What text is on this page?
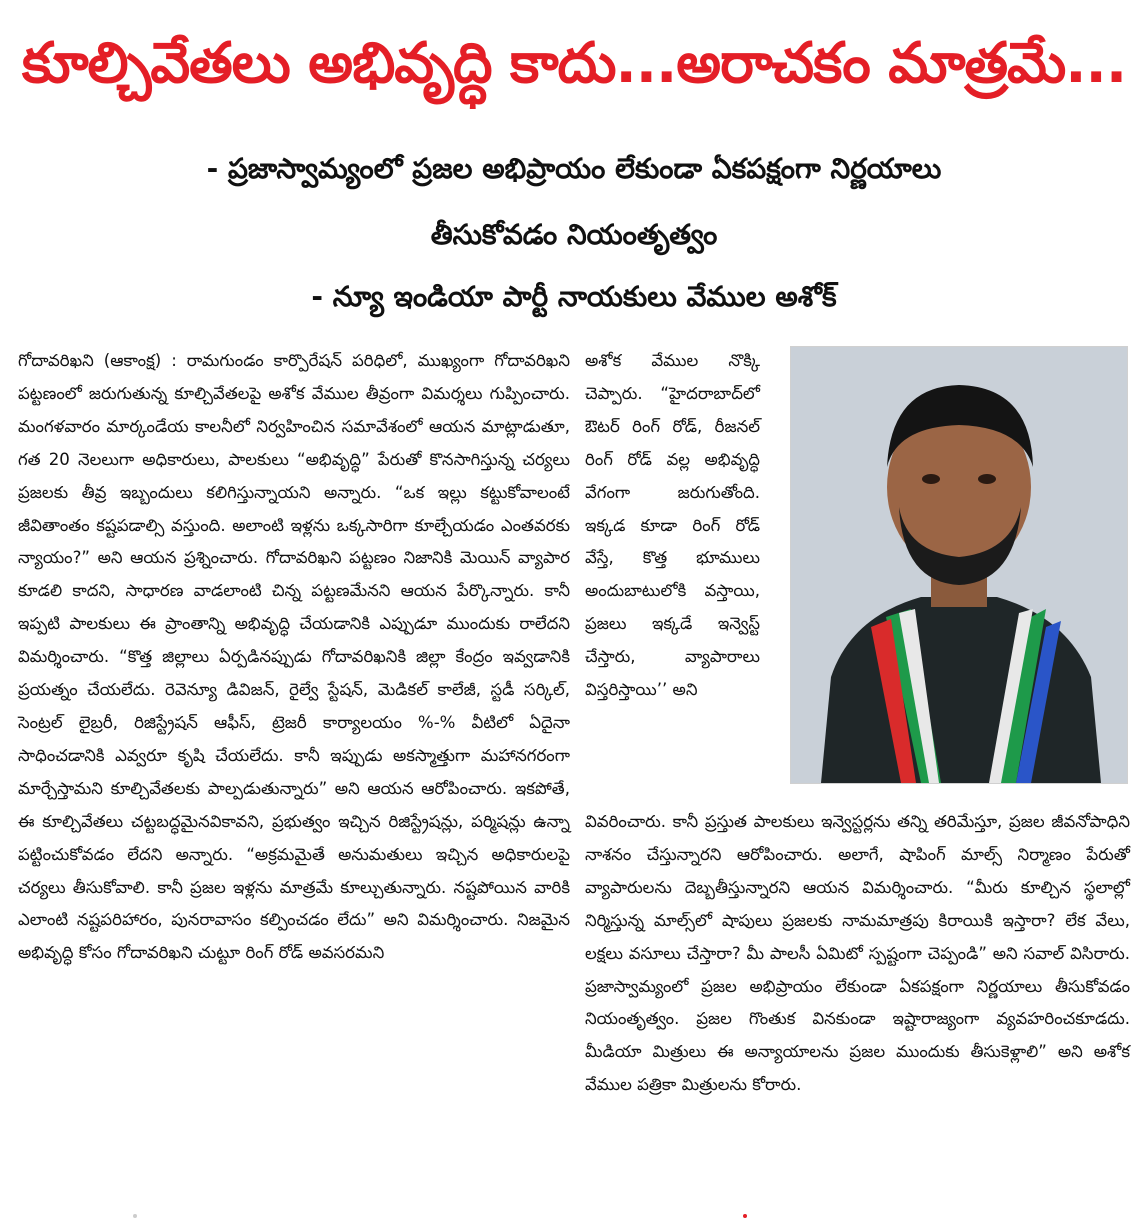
కూల్చివేతలు అభివృద్ధి కాదు...అరాచకం మాత్రమే...
- ప్రజాస్వామ్యంలో ప్రజల అభిప్రాయం లేకుండా ఏకపక్షంగా నిర్ణయాలు
తీసుకోవడం నియంతృత్వం
- న్యూ ఇండియా పార్టీ నాయకులు వేముల అశోక్

గోదావరిఖని (ఆకాంక్ష) : రామగుండం కార్పొరేషన్ పరిధిలో, ముఖ్యంగా గోదావరిఖని పట్టణంలో జరుగుతున్న కూల్చివేతలపై అశోక వేముల తీవ్రంగా విమర్శలు గుప్పించారు. మంగళవారం మార్కండేయ కాలనీలో నిర్వహించిన సమావేశంలో ఆయన మాట్లాడుతూ, గత 20 నెలలుగా అధికారులు, పాలకులు “అభివృద్ధి” పేరుతో కొనసాగిస్తున్న చర్యలు ప్రజలకు తీవ్ర ఇబ్బందులు కలిగిస్తున్నాయని అన్నారు. “ఒక ఇల్లు కట్టుకోవాలంటే జీవితాంతం కష్టపడాల్సి వస్తుంది. అలాంటి ఇళ్లను ఒక్కసారిగా కూల్చేయడం ఎంతవరకు న్యాయం?” అని ఆయన ప్రశ్నించారు. గోదావరిఖని పట్టణం నిజానికి మెయిన్ వ్యాపార కూడలి కాదని, సాధారణ వాడలాంటి చిన్న పట్టణమేనని ఆయన పేర్కొన్నారు. కానీ ఇప్పటి పాలకులు ఈ ప్రాంతాన్ని అభివృద్ధి చేయడానికి ఎప్పుడూ ముందుకు రాలేదని విమర్శించారు. “కొత్త జిల్లాలు ఏర్పడినప్పుడు గోదావరిఖనికి జిల్లా కేంద్రం ఇవ్వడానికి ప్రయత్నం చేయలేదు. రెవెన్యూ డివిజన్, రైల్వే స్టేషన్, మెడికల్ కాలేజీ, స్టడీ సర్కిల్, సెంట్రల్ లైబ్రరీ, రిజిస్ట్రేషన్ ఆఫీస్, ట్రెజరీ కార్యాలయం %-% వీటిలో ఏదైనా సాధించడానికి ఎవ్వరూ కృషి చేయలేదు. కానీ ఇప్పుడు అకస్మాత్తుగా మహానగరంగా మార్చేస్తామని కూల్చివేతలకు పాల్పడుతున్నారు” అని ఆయన ఆరోపించారు. ఇకపోతే, ఈ కూల్చివేతలు చట్టబద్ధమైనవికావని, ప్రభుత్వం ఇచ్చిన రిజిస్ట్రేషన్లు, పర్మిషన్లు ఉన్నా పట్టించుకోవడం లేదని అన్నారు. “అక్రమమైతే అనుమతులు ఇచ్చిన అధికారులపై చర్యలు తీసుకోవాలి. కానీ ప్రజల ఇళ్లను మాత్రమే కూల్చుతున్నారు. నష్టపోయిన వారికి ఎలాంటి నష్టపరిహారం, పునరావాసం కల్పించడం లేదు” అని విమర్శించారు. నిజమైన అభివృద్ధి కోసం గోదావరిఖని చుట్టూ రింగ్ రోడ్ అవసరమని

అశోక వేముల నొక్కి చెప్పారు. “హైదరాబాద్‌లో ఔటర్ రింగ్ రోడ్, రీజనల్ రింగ్ రోడ్ వల్ల అభివృద్ధి వేగంగా జరుగుతోంది. ఇక్కడ కూడా రింగ్ రోడ్ వేస్తే, కొత్త భూములు అందుబాటులోకి వస్తాయి, ప్రజలు ఇక్కడే ఇన్వెస్ట్ చేస్తారు, వ్యాపారాలు విస్తరిస్తాయి’’ అని

వివరించారు. కానీ ప్రస్తుత పాలకులు ఇన్వెస్టర్లను తన్ని తరిమేస్తూ, ప్రజల జీవనోపాధిని నాశనం చేస్తున్నారని ఆరోపించారు. అలాగే, షాపింగ్ మాల్స్ నిర్మాణం పేరుతో వ్యాపారులను దెబ్బతీస్తున్నారని ఆయన విమర్శించారు. “మీరు కూల్చిన స్థలాల్లో నిర్మిస్తున్న మాల్స్‌లో షాపులు ప్రజలకు నామమాత్రపు కిరాయికి ఇస్తారా? లేక వేలు, లక్షలు వసూలు చేస్తారా? మీ పాలసీ ఏమిటో స్పష్టంగా చెప్పండి” అని సవాల్ విసిరారు. ప్రజాస్వామ్యంలో ప్రజల అభిప్రాయం లేకుండా ఏకపక్షంగా నిర్ణయాలు తీసుకోవడం నియంతృత్వం. ప్రజల గొంతుక వినకుండా ఇష్టారాజ్యంగా వ్యవహరించకూడదు. మీడియా మిత్రులు ఈ అన్యాయాలను ప్రజల ముందుకు తీసుకెళ్లాలి” అని అశోక వేముల పత్రికా మిత్రులను కోరారు.
